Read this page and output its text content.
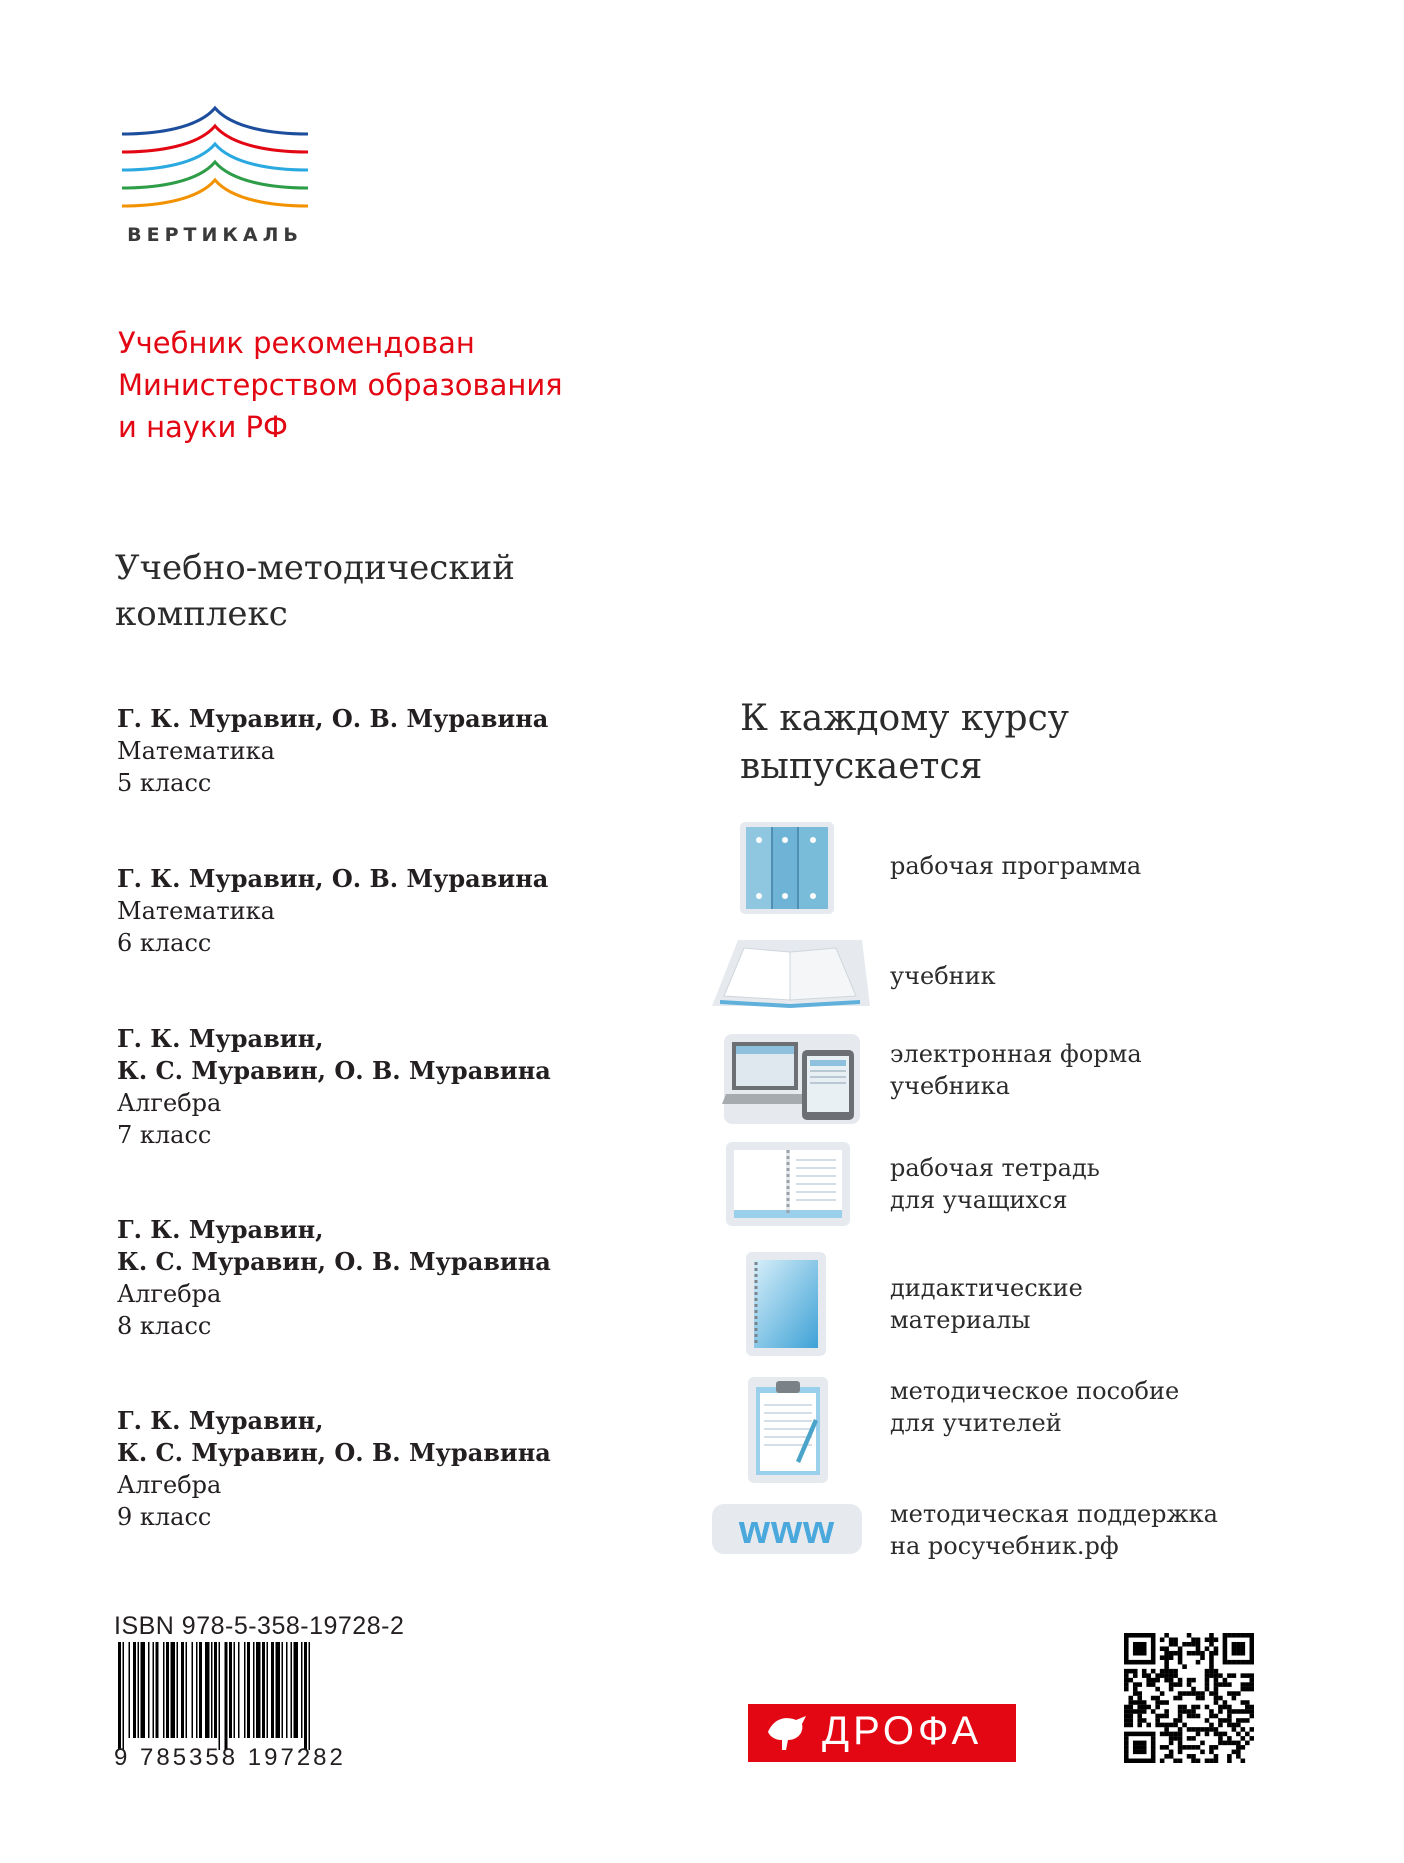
ВЕРТИКАЛЬ
Учебник рекомендован
Министерством образования
и науки РФ
Учебно-методический
комплекс
Г. К. Муравин, О. В. Муравина
Математика
5 класс
Г. К. Муравин, О. В. Муравина
Математика
6 класс
Г. К. Муравин,
К. С. Муравин, О. В. Муравина
Алгебра
7 класс
Г. К. Муравин,
К. С. Муравин, О. В. Муравина
Алгебра
8 класс
Г. К. Муравин,
К. С. Муравин, О. В. Муравина
Алгебра
9 класс
К каждому курсу
выпускается
рабочая программа
учебник
электронная форма
учебника
рабочая тетрадь
для учащихся
дидактические
материалы
методическое пособие
для учителей
www методическая поддержка
на росучебник.рф
ISBN 978-5-358-19728-2
9 785358 197282
ДРОФА
